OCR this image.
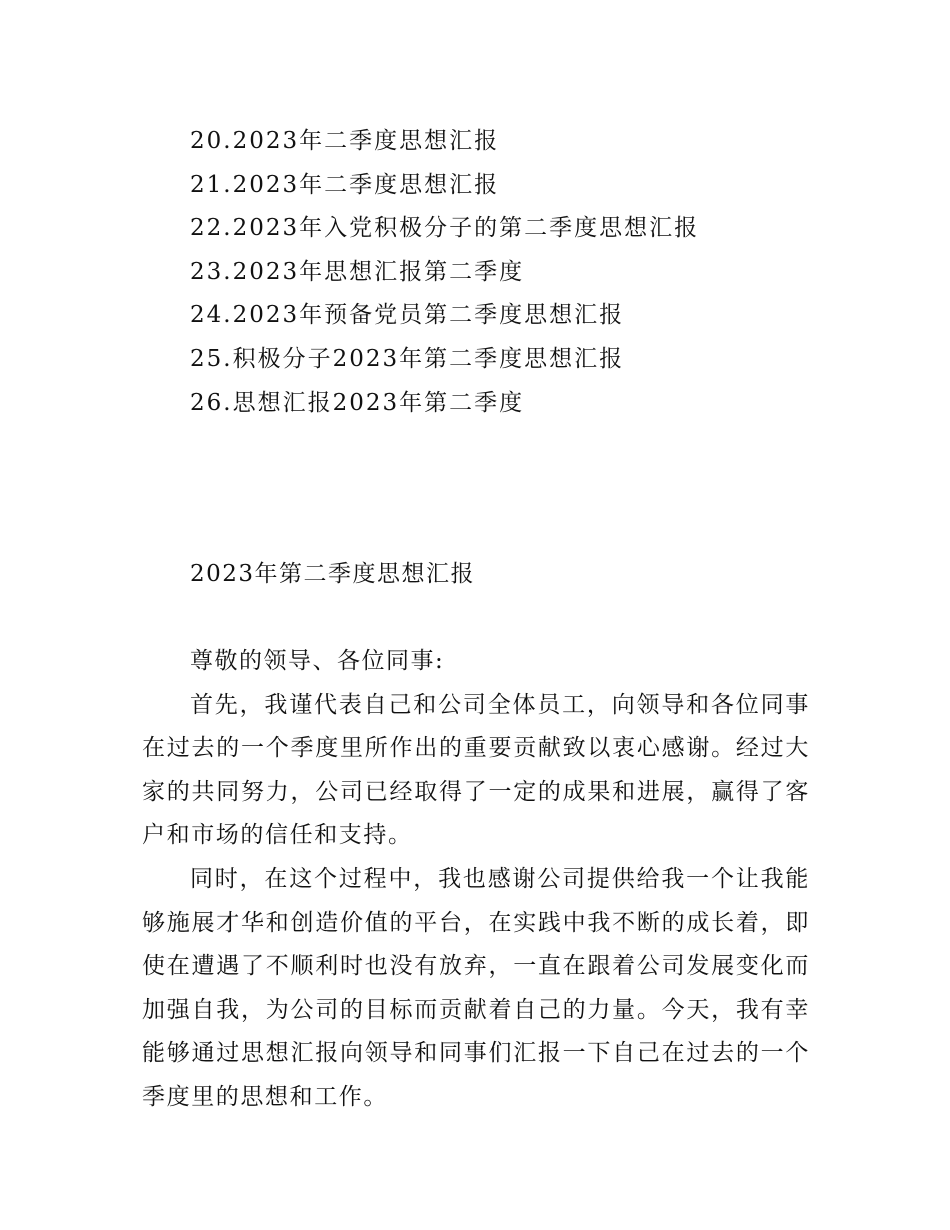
20.2023年二季度思想汇报
21.2023年二季度思想汇报
22.2023年入党积极分子的第二季度思想汇报
23.2023年思想汇报第二季度
24.2023年预备党员第二季度思想汇报
25.积极分子2023年第二季度思想汇报
26.思想汇报2023年第二季度
2023年第二季度思想汇报

尊敬的领导、各位同事:

首先，我谨代表自己和公司全体员工，向领导和各位同事在过去的一个季度里所作出的重要贡献致以衷心感谢。经过大家的共同努力，公司已经取得了一定的成果和进展，赢得了客户和市场的信任和支持。

同时，在这个过程中，我也感谢公司提供给我一个让我能够施展才华和创造价值的平台，在实践中我不断的成长着，即使在遭遇了不顺利时也没有放弃，一直在跟着公司发展变化而加强自我，为公司的目标而贡献着自己的力量。今天，我有幸能够通过思想汇报向领导和同事们汇报一下自己在过去的一个季度里的思想和工作。
